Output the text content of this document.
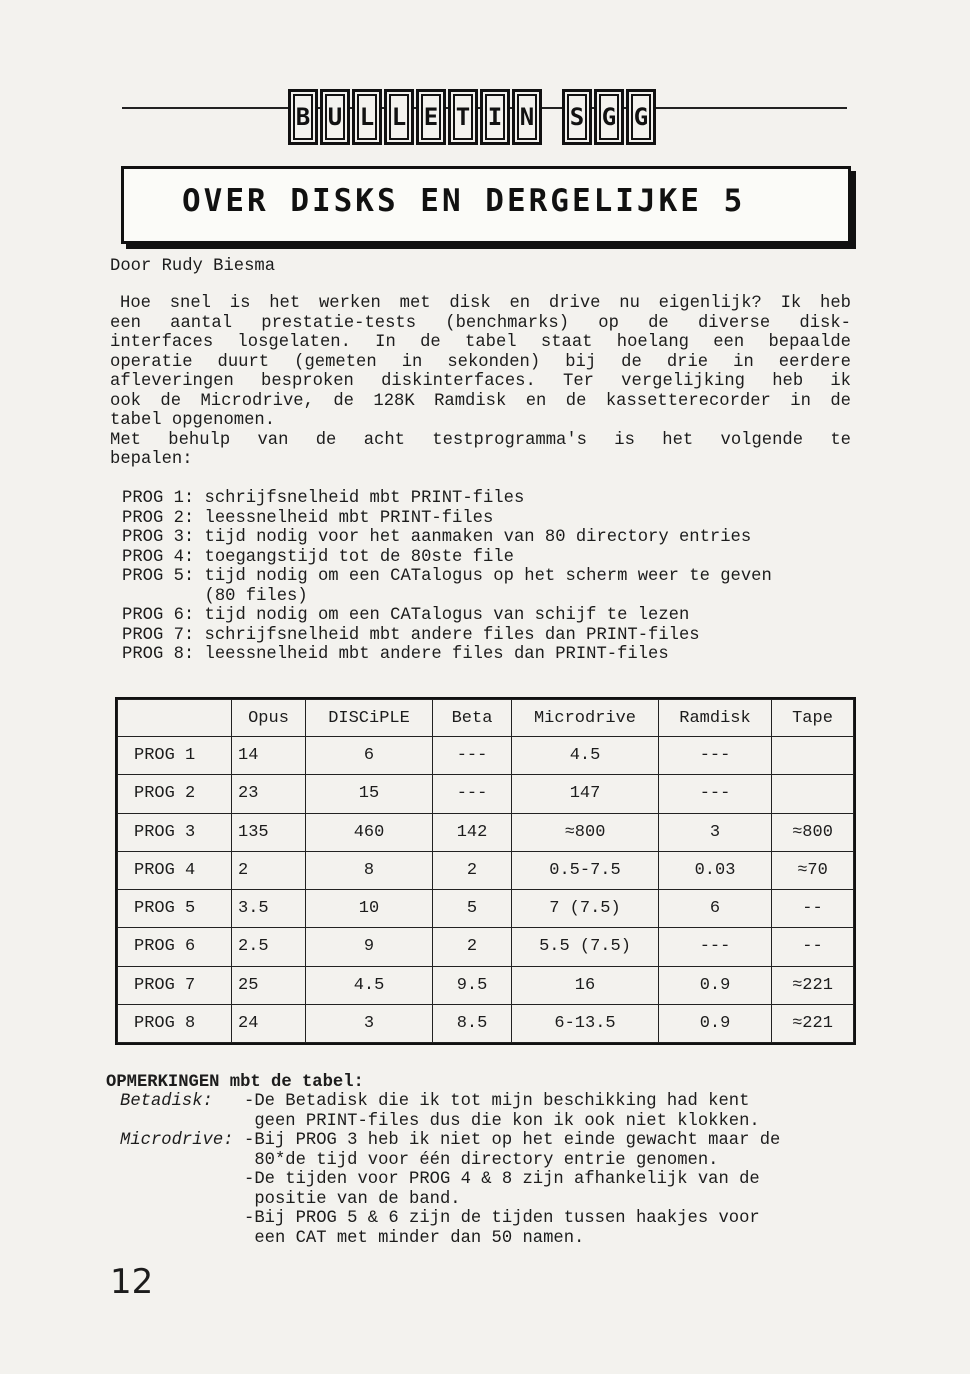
B U L L E T I N	S G G
OVER DISKS EN DERGELIJKE 5
Door Rudy Biesma
Hoe snel is het werken met disk en drive nu eigenlijk? Ik heb
een aantal prestatie-tests (benchmarks) op de diverse disk-
interfaces losgelaten. In de tabel staat hoelang een bepaalde
operatie duurt (gemeten in sekonden) bij de drie in eerdere
afleveringen besproken diskinterfaces. Ter vergelijking heb ik
ook de Microdrive, de 128K Ramdisk en de kassetterecorder in de
tabel opgenomen.
Met behulp van de acht testprogramma's is het volgende te
bepalen:
PROG 1: schrijfsnelheid mbt PRINT-files
PROG 2: leessnelheid mbt PRINT-files
PROG 3: tijd nodig voor het aanmaken van 80 directory entries
PROG 4: toegangstijd tot de 80ste file
PROG 5: tijd nodig om een CATalogus op het scherm weer te geven
(80 files)
PROG 6: tijd nodig om een CATalogus van schijf te lezen
PROG 7: schrijfsnelheid mbt andere files dan PRINT-files
PROG 8: leessnelheid mbt andere files dan PRINT-files
	Opus	DISCiPLE	Beta	Microdrive	Ramdisk	Tape
PROG 1	14	6	---	4.5	---	
PROG 2	23	15	---	147	---	
PROG 3	135	460	142	≈800	3	≈800
PROG 4	2	8	2	0.5-7.5	0.03	≈70
PROG 5	3.5	10	5	7 (7.5)	6	--
PROG 6	2.5	9	2	5.5 (7.5)	---	--
PROG 7	25	4.5	9.5	16	0.9	≈221
PROG 8	24	3	8.5	6-13.5	0.9	≈221
OPMERKINGEN mbt de tabel:
Betadisk: -De Betadisk die ik tot mijn beschikking had kent
geen PRINT-files dus die kon ik ook niet klokken.
Microdrive: -Bij PROG 3 heb ik niet op het einde gewacht maar de
80*de tijd voor één directory entrie genomen.
-De tijden voor PROG 4 & 8 zijn afhankelijk van de
positie van de band.
-Bij PROG 5 & 6 zijn de tijden tussen haakjes voor
een CAT met minder dan 50 namen.
12
